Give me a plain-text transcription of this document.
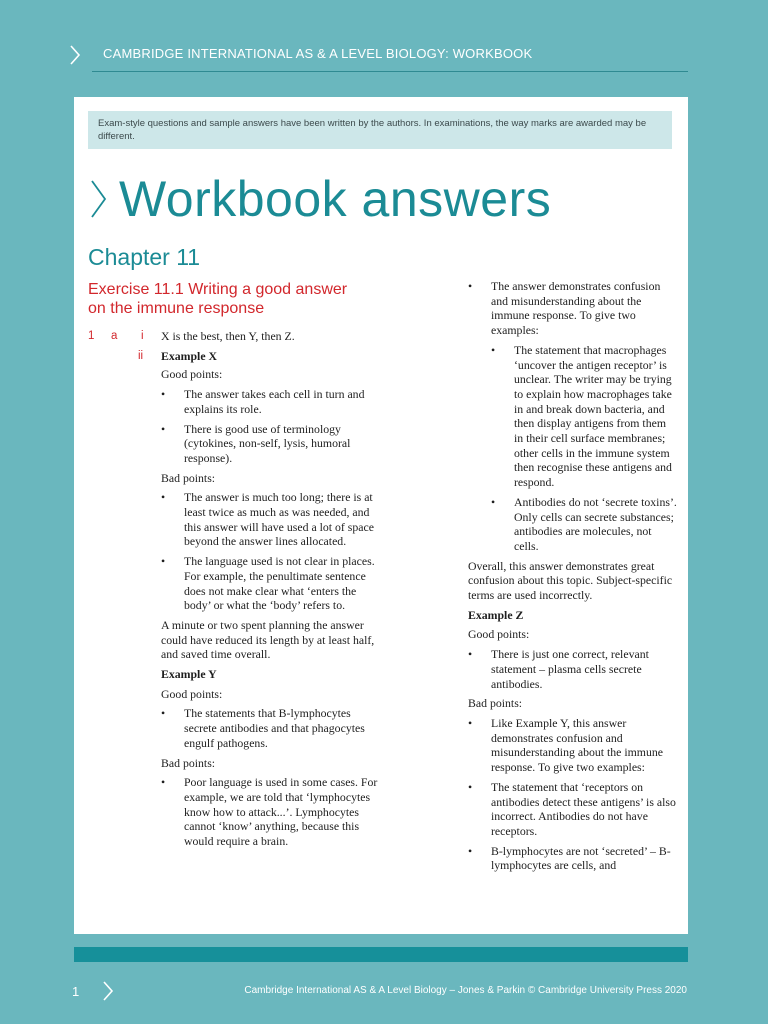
CAMBRIDGE INTERNATIONAL AS & A LEVEL BIOLOGY: WORKBOOK
Exam-style questions and sample answers have been written by the authors. In examinations, the way marks are awarded may be different.
Workbook answers
Chapter 11
Exercise 11.1 Writing a good answer on the immune response
1 a i X is the best, then Y, then Z.
ii Example X
Good points:
• The answer takes each cell in turn and explains its role.
• There is good use of terminology (cytokines, non-self, lysis, humoral response).
Bad points:
• The answer is much too long; there is at least twice as much as was needed, and this answer will have used a lot of space beyond the answer lines allocated.
• The language used is not clear in places. For example, the penultimate sentence does not make clear what ‘enters the body’ or what the ‘body’ refers to.
A minute or two spent planning the answer could have reduced its length by at least half, and saved time overall.
Example Y
Good points:
• The statements that B-lymphocytes secrete antibodies and that phagocytes engulf pathogens.
Bad points:
• Poor language is used in some cases. For example, we are told that ‘lymphocytes know how to attack...’. Lymphocytes cannot ‘know’ anything, because this would require a brain.
• The answer demonstrates confusion and misunderstanding about the immune response. To give two examples:
• The statement that macrophages ‘uncover the antigen receptor’ is unclear. The writer may be trying to explain how macrophages take in and break down bacteria, and then display antigens from them in their cell surface membranes; other cells in the immune system then recognise these antigens and respond.
• Antibodies do not ‘secrete toxins’. Only cells can secrete substances; antibodies are molecules, not cells.
Overall, this answer demonstrates great confusion about this topic. Subject-specific terms are used incorrectly.
Example Z
Good points:
• There is just one correct, relevant statement – plasma cells secrete antibodies.
Bad points:
• Like Example Y, this answer demonstrates confusion and misunderstanding about the immune response. To give two examples:
• The statement that ‘receptors on antibodies detect these antigens’ is also incorrect. Antibodies do not have receptors.
• B-lymphocytes are not ‘secreted’ – B-lymphocytes are cells, and
1	Cambridge International AS & A Level Biology – Jones & Parkin © Cambridge University Press 2020
